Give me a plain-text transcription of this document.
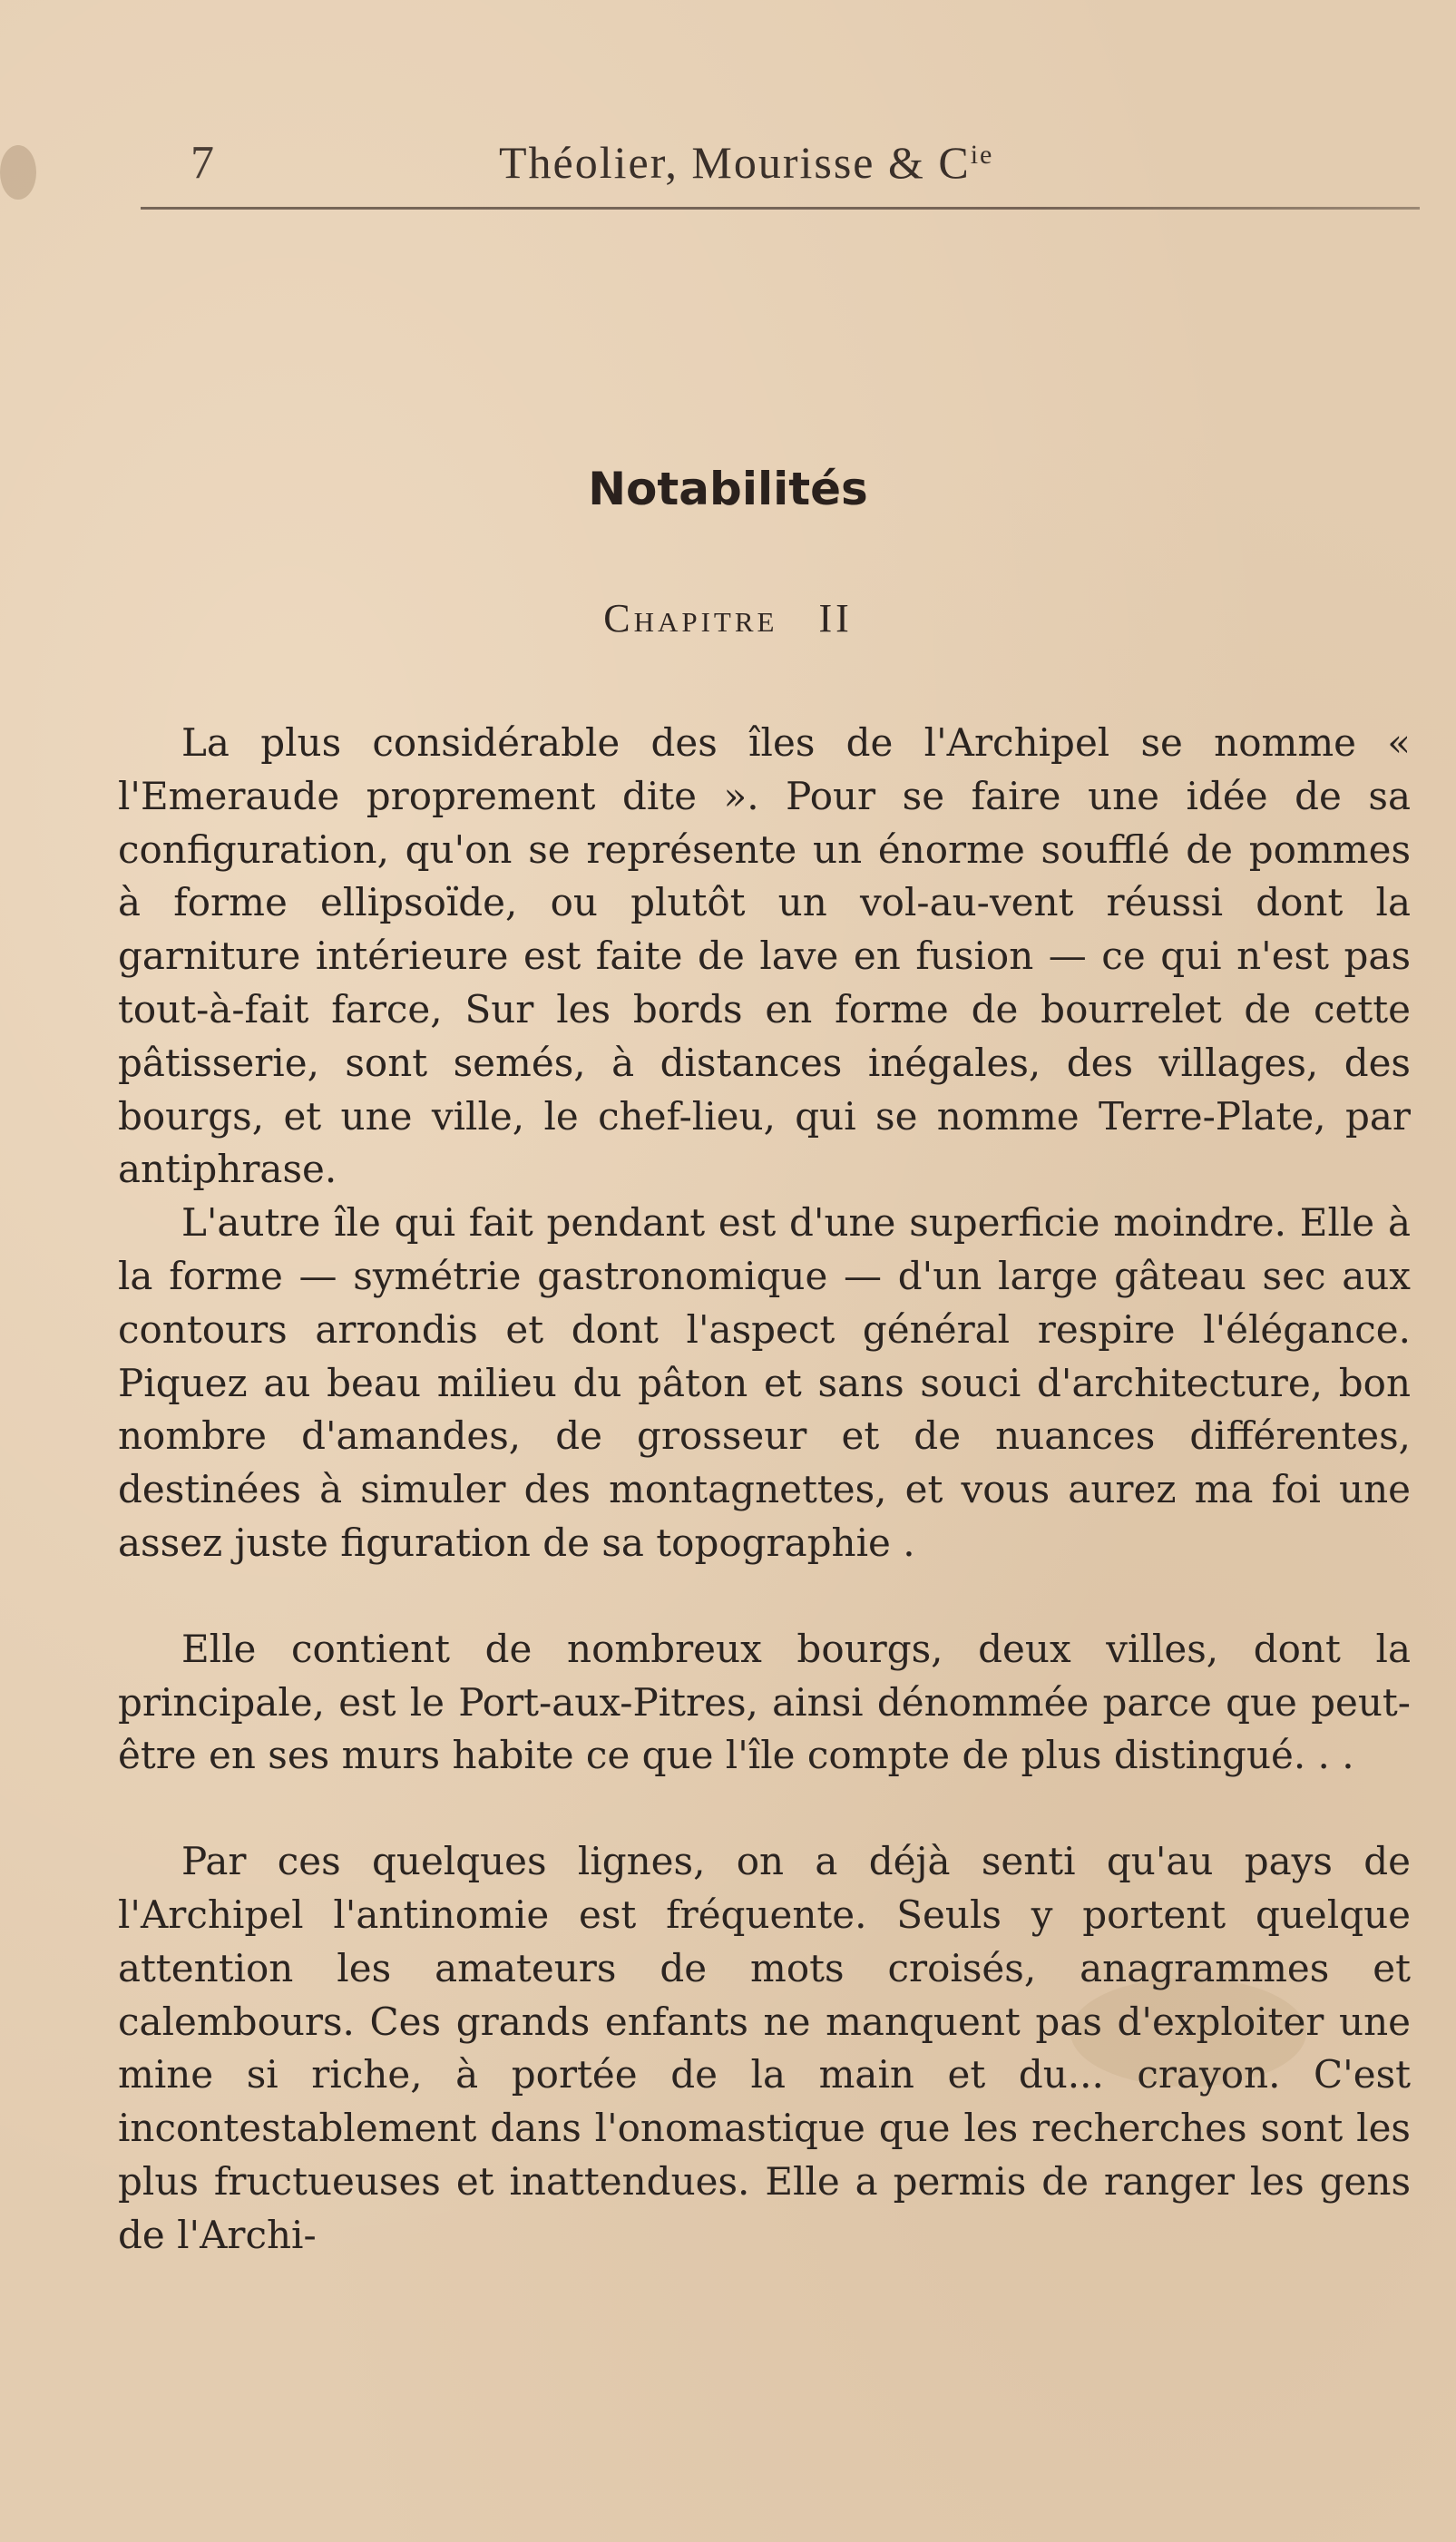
7	Théolier, Mourisse & $C^{ie}$
Notabilités
Chapitre II

La plus considérable des îles de l'Archipel se nomme « l'Emeraude proprement dite ». Pour se faire une idée de sa configuration, qu'on se représente un énorme soufflé de pommes à forme ellipsoïde, ou plutôt un vol-au-vent réussi dont la garniture intérieure est faite de lave en fusion — ce qui n'est pas tout-à-fait farce, Sur les bords en forme de bourrelet de cette pâtisserie, sont semés, à distances inégales, des villages, des bourgs, et une ville, le chef-lieu, qui se nomme Terre-Plate, par antiphrase.

L'autre île qui fait pendant est d'une superficie moindre. Elle à la forme — symétrie gastronomique — d'un large gâteau sec aux contours arrondis et dont l'aspect général respire l'élégance. Piquez au beau milieu du pâton et sans souci d'architecture, bon nombre d'amandes, de grosseur et de nuances différentes, destinées à simuler des montagnettes, et vous aurez ma foi une assez juste figuration de sa topographie .

Elle contient de nombreux bourgs, deux villes, dont la principale, est le Port-aux-Pitres, ainsi dénommée parce que peut-être en ses murs habite ce que l'île compte de plus distingué. . .

Par ces quelques lignes, on a déjà senti qu'au pays de l'Archipel l'antinomie est fréquente. Seuls y portent quelque attention les amateurs de mots croisés, anagrammes et calembours. Ces grands enfants ne manquent pas d'exploiter une mine si riche, à portée de la main et du... crayon. C'est incontestablement dans l'onomastique que les recherches sont les plus fructueuses et inattendues. Elle a permis de ranger les gens de l'Archi-
